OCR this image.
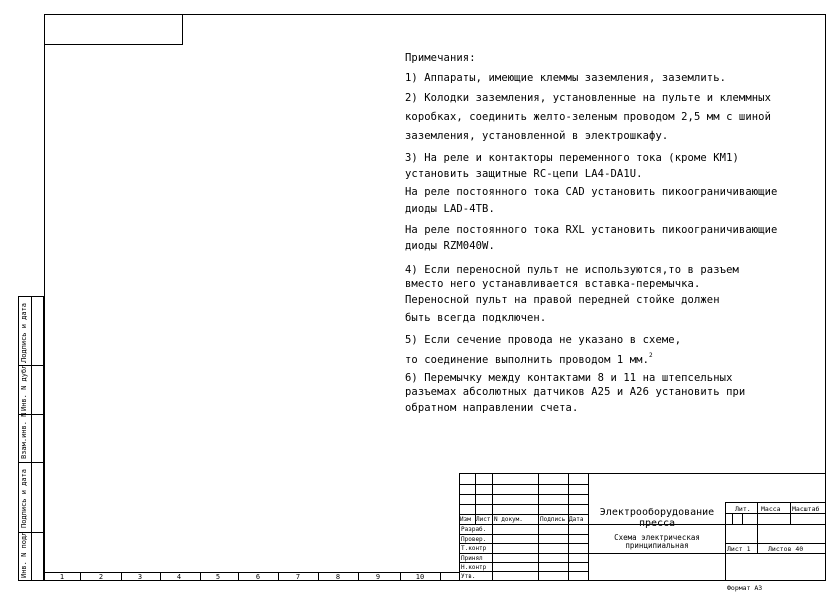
Примечания:
1) Аппараты, имеющие клеммы заземления, заземлить.
2) Колодки заземления, установленные на пульте и клеммных
коробках, соединить желто-зеленым проводом 2,5 мм с шиной
заземления, установленной в электрошкафу.
3) На реле и контакторы переменного тока (кроме КМ1)
установить защитные RC-цепи LA4-DA1U.
На реле постоянного тока CAD установить пикоограничивающие
диоды LAD-4TB.
На реле постоянного тока RXL установить пикоограничивающие
диоды RZM040W.
4) Если переносной пульт не используются,то в разъем
вместо него устанавливается вставка-перемычка.
Переносной пульт на правой передней стойке должен
быть всегда подключен.
5) Если сечение провода не указано в схеме,
то соединение выполнить проводом 1 мм.$^2$
6) Перемычку между контактами 8 и 11 на штепсельных
разъемах абсолютных датчиков А25 и А26 установить при
обратном направлении счета.
Инв. N подл
Подпись и дата
Взам.инв. N
Инв. N дубл.
Подпись и дата
1	2	3	4	5	6	7	8	9	10
Изм Лист N докум.	Подпись Дата
Разраб.
Провер.
Т.контр
Принял
Н.контр
Утв.
Электрооборудование пресса
Схема электрическая принципиальная
Лит. Масса Масштаб
Лист 1	Листов 40
Формат А3
